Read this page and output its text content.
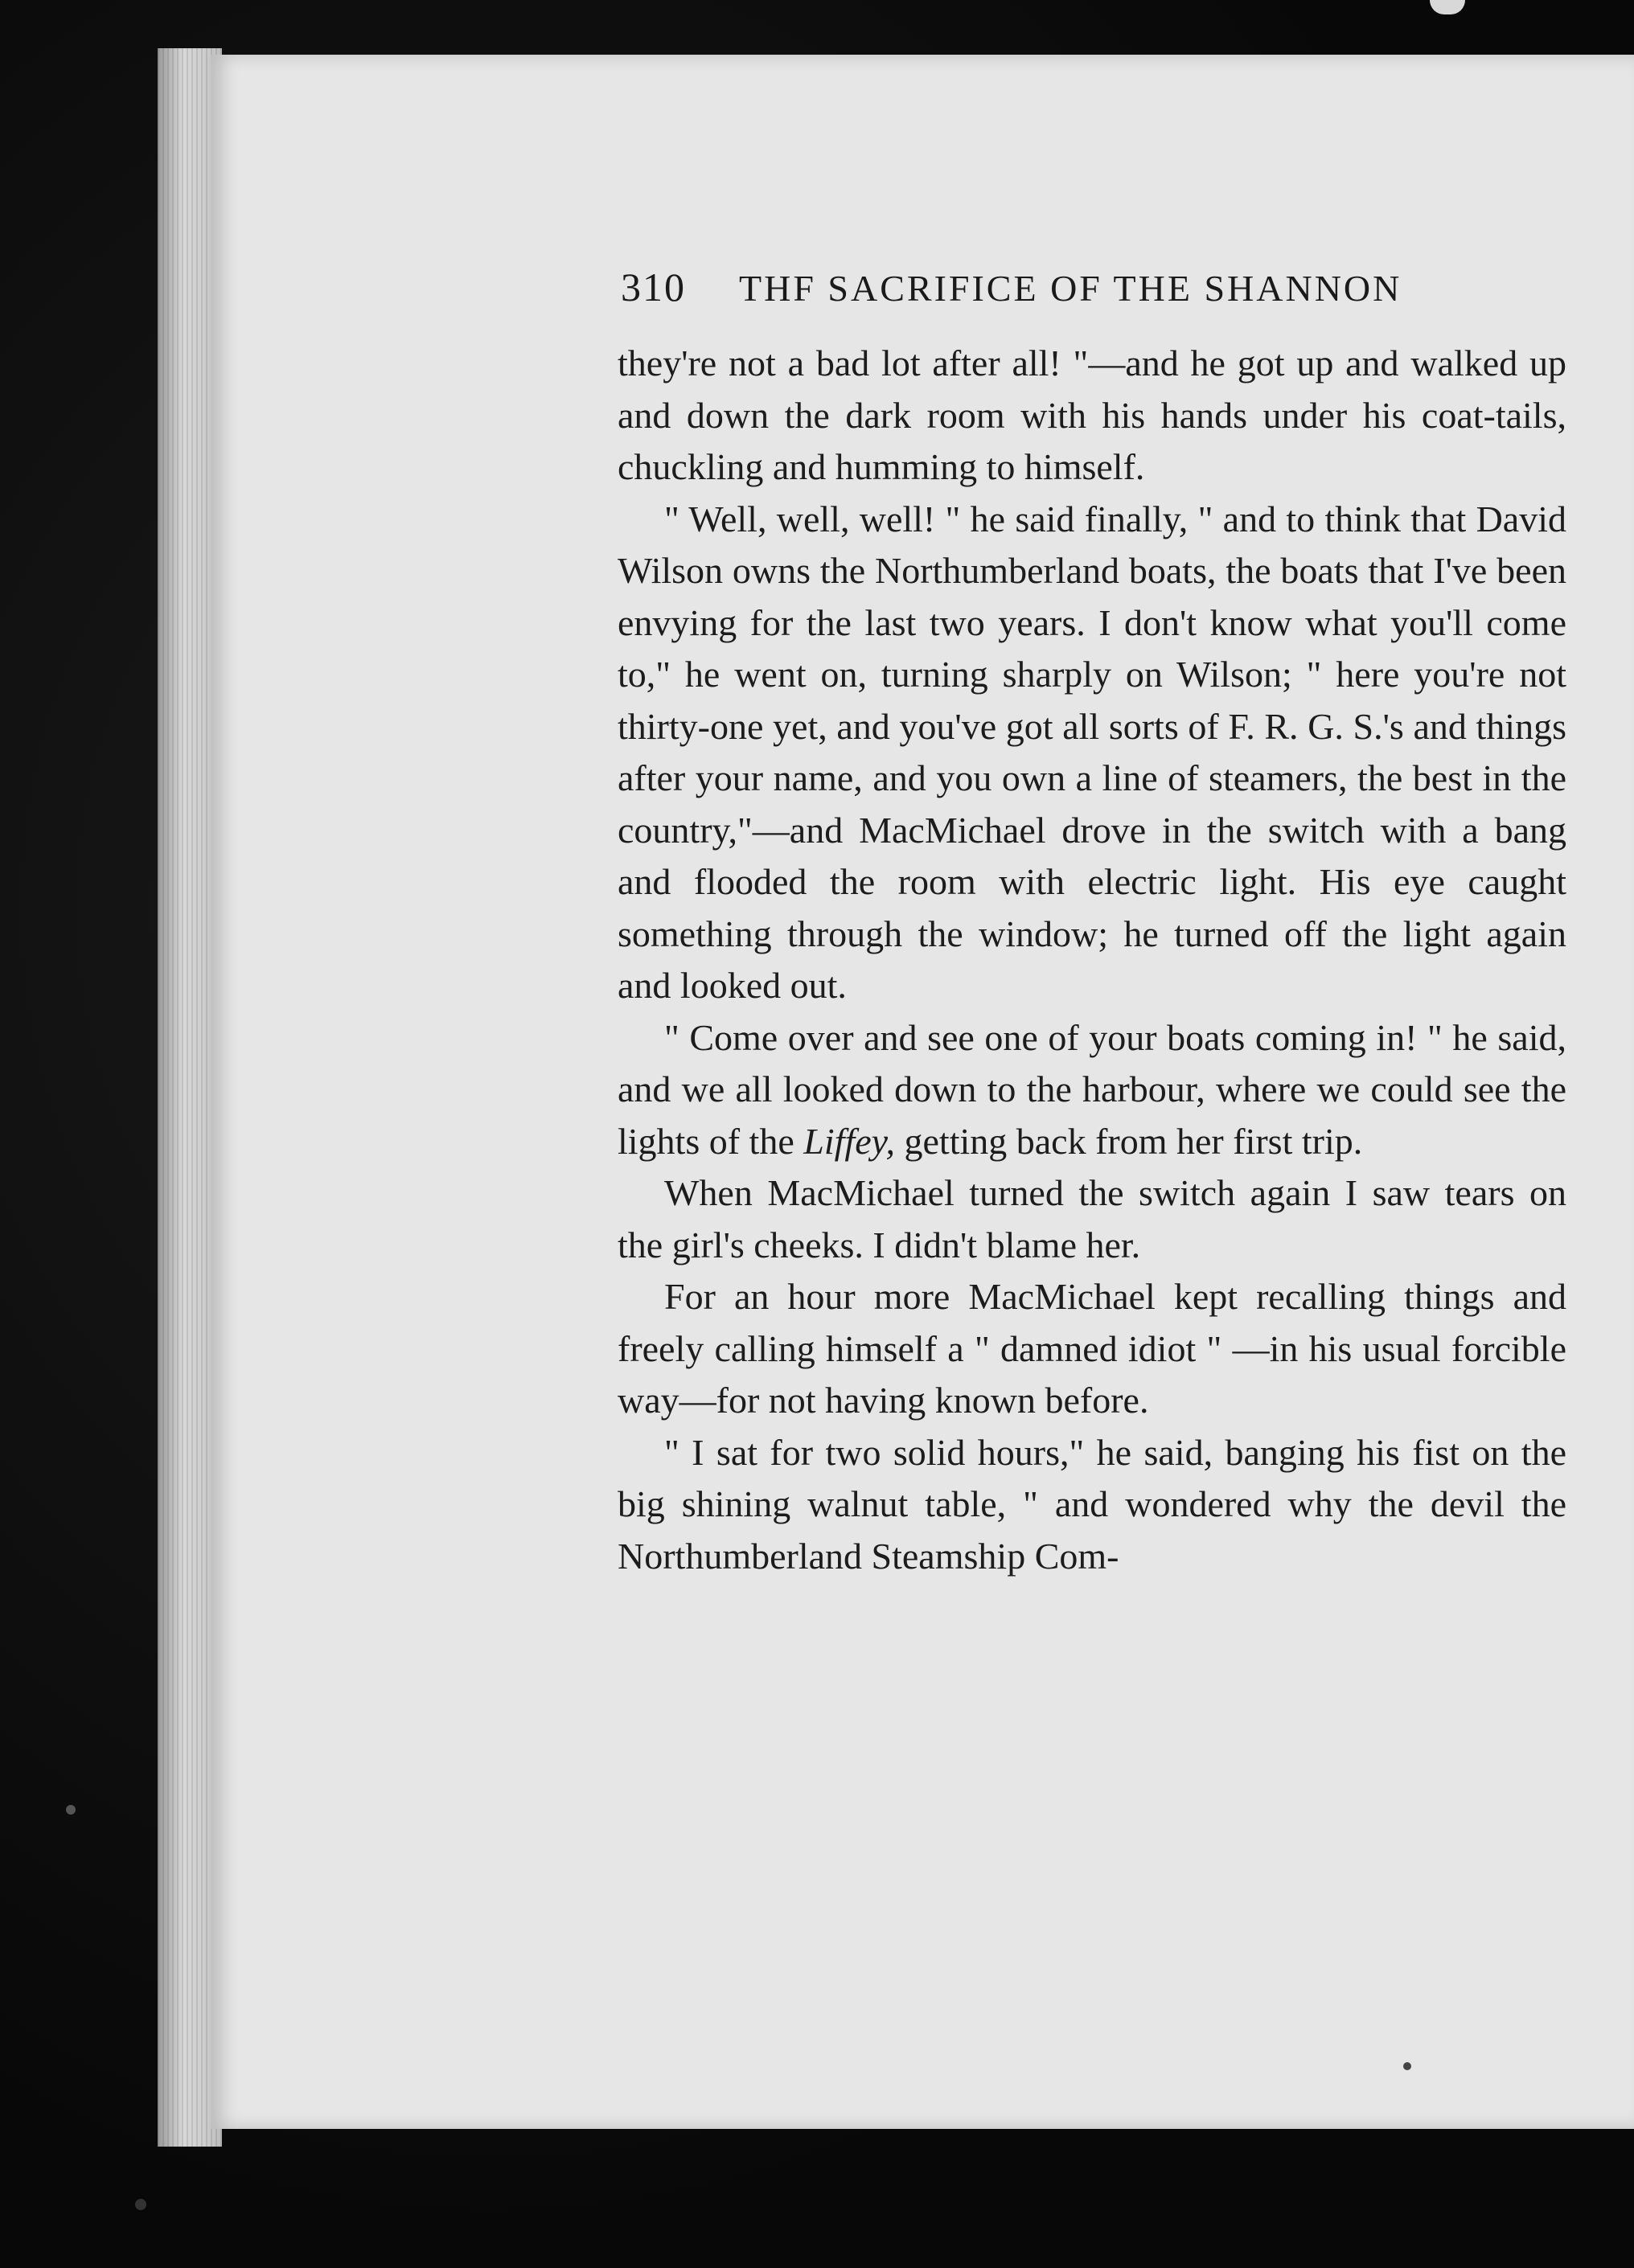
310 THF SACRIFICE OF THE SHANNON

they're not a bad lot after all! "—and he got up and walked up and down the dark room with his hands under his coat-tails, chuckling and humming to himself.

" Well, well, well! " he said finally, " and to think that David Wilson owns the Northumberland boats, the boats that I've been envying for the last two years. I don't know what you'll come to," he went on, turning sharply on Wilson; " here you're not thirty-one yet, and you've got all sorts of F. R. G. S.'s and things after your name, and you own a line of steamers, the best in the country,"—and MacMichael drove in the switch with a bang and flooded the room with electric light. His eye caught something through the window; he turned off the light again and looked out.

" Come over and see one of your boats coming in! " he said, and we all looked down to the harbour, where we could see the lights of the Liffey, getting back from her first trip.

When MacMichael turned the switch again I saw tears on the girl's cheeks. I didn't blame her.

For an hour more MacMichael kept recalling things and freely calling himself a " damned idiot " —in his usual forcible way—for not having known before.

" I sat for two solid hours," he said, banging his fist on the big shining walnut table, " and wondered why the devil the Northumberland Steamship Com-
